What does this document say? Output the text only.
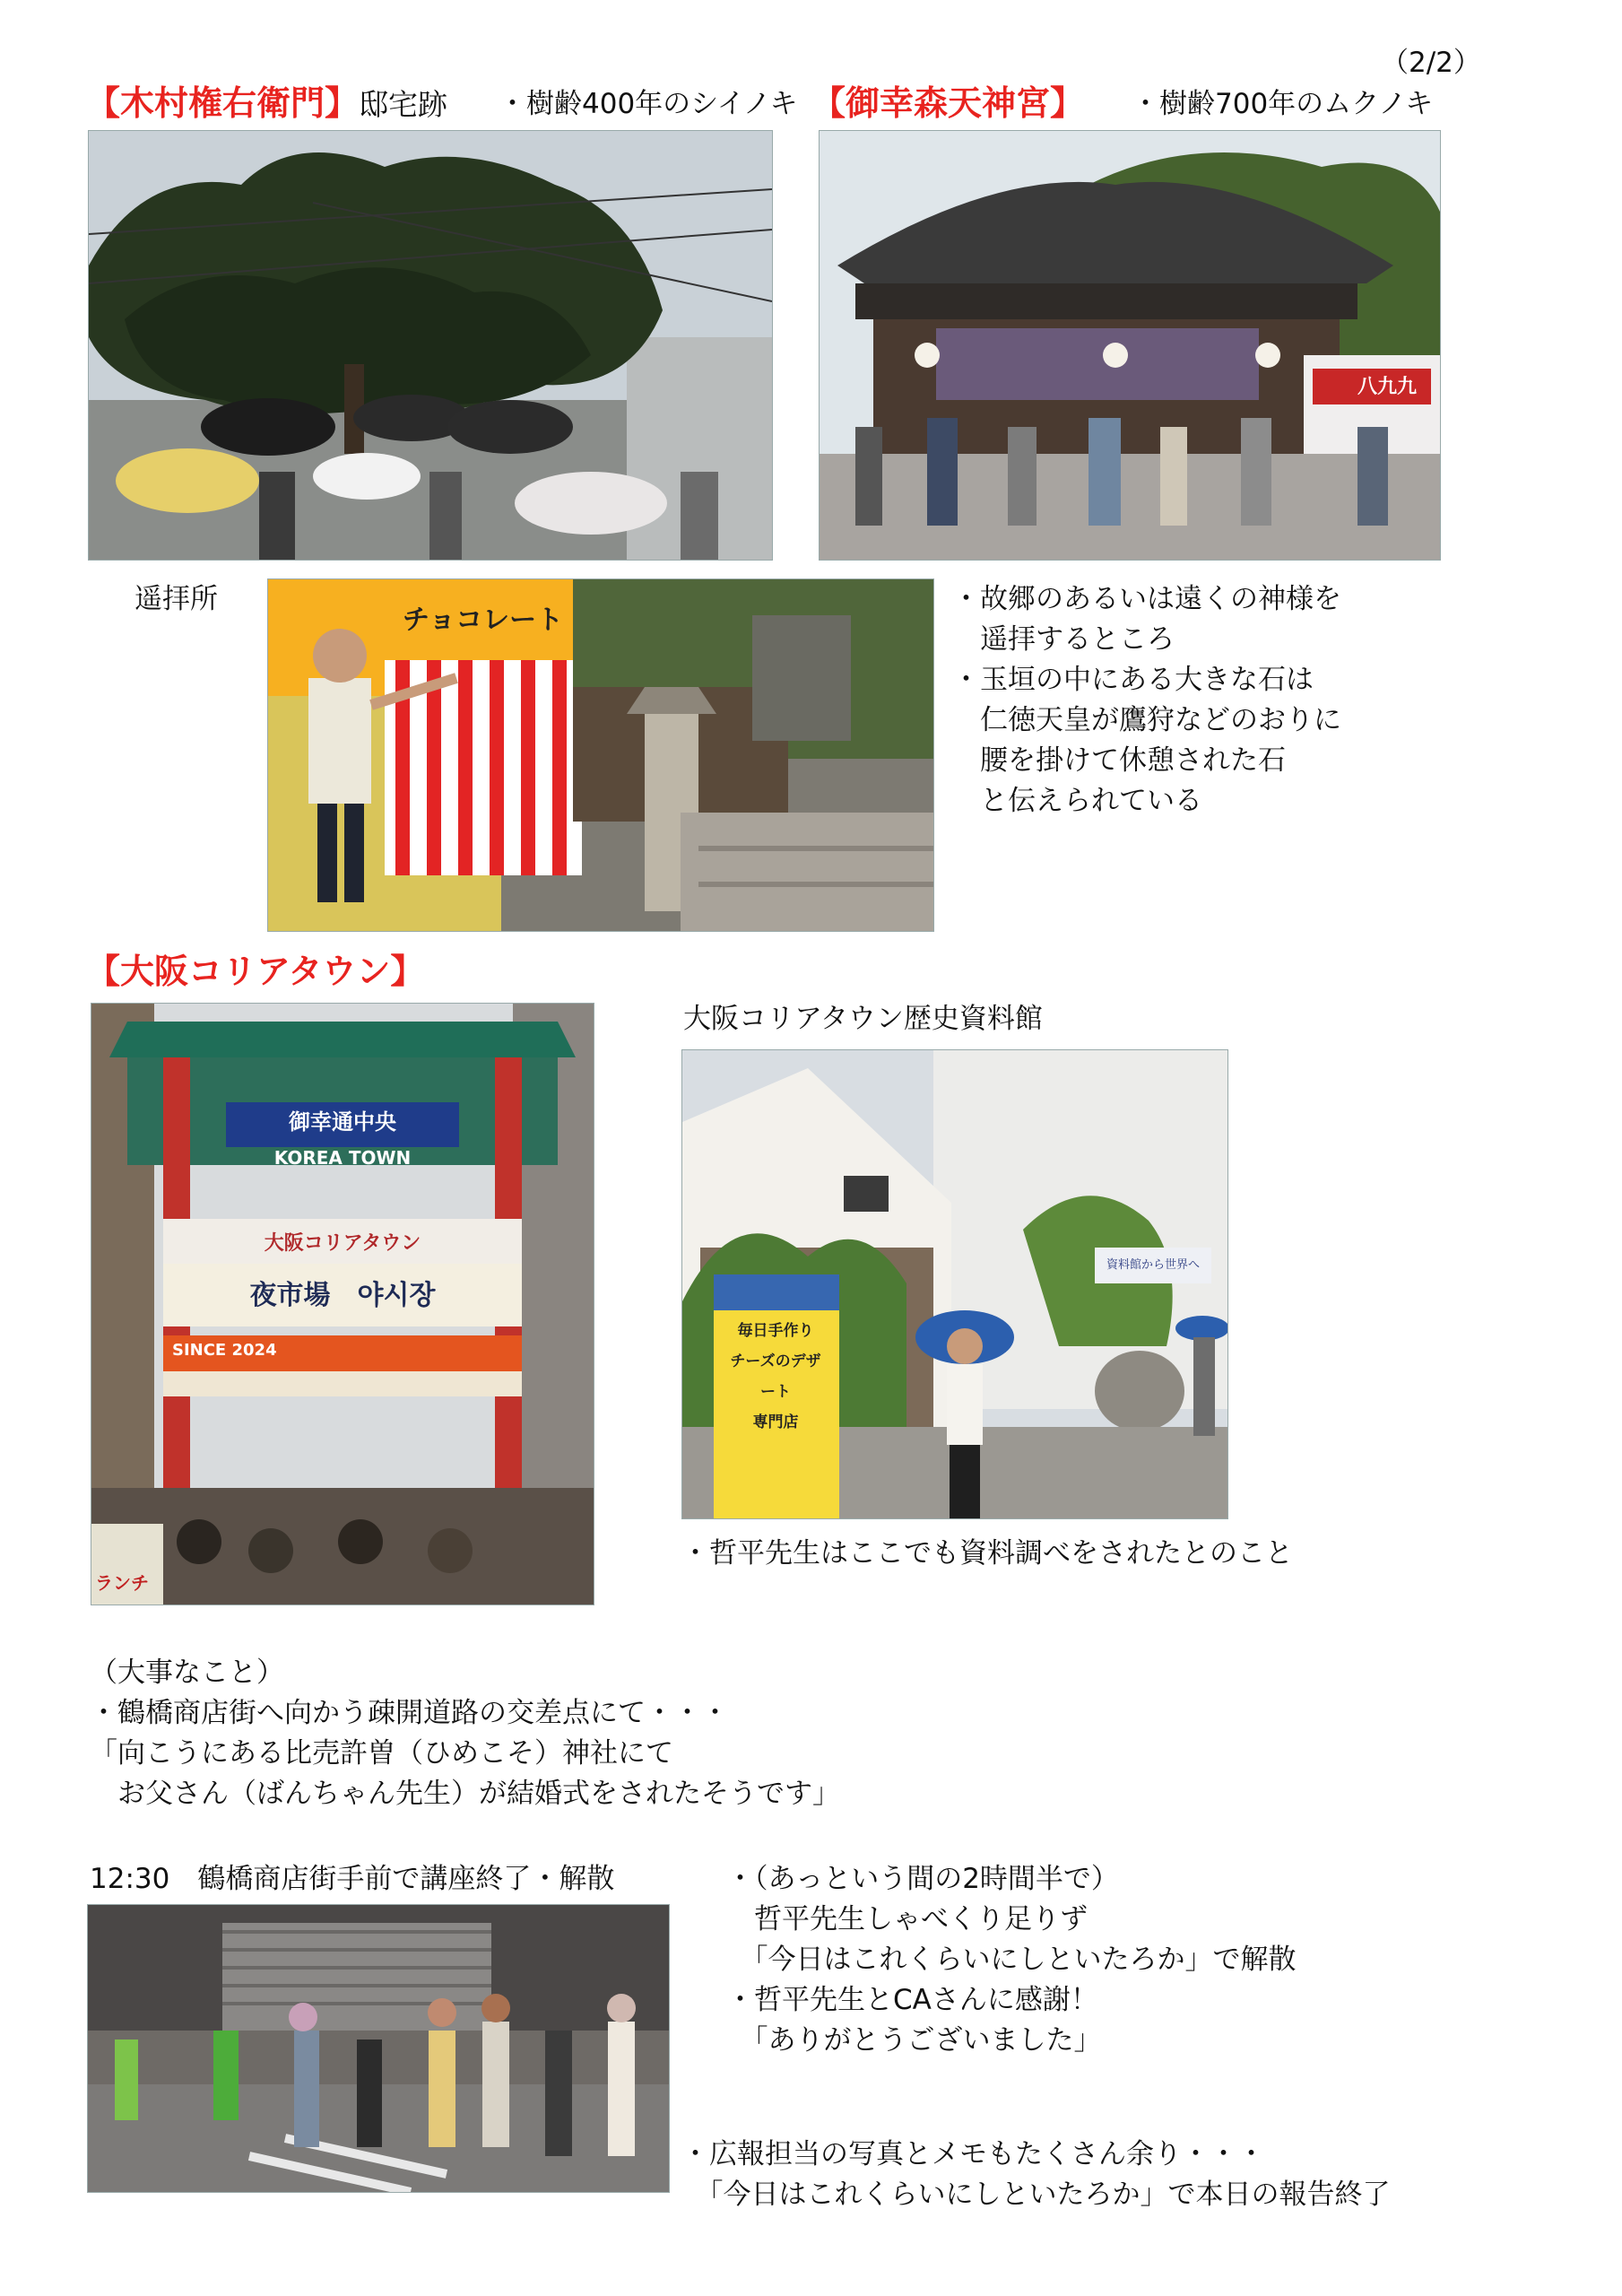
（2/2）
【木村権右衛門】邸宅跡 ・樹齢400年のシイノキ 【御幸森天神宮】 ・樹齢700年のムクノキ
八九九
遥拝所
チョコレート
・故郷のあるいは遠くの神様を
　遥拝するところ
・玉垣の中にある大きな石は
　仁徳天皇が鷹狩などのおりに
　腰を掛けて休憩された石
　と伝えられている
【大阪コリアタウン】
御幸通中央
KOREA TOWN
大阪コリアタウン
夜市場　야시장
SINCE 2024
ランチ
大阪コリアタウン歴史資料館
毎日手作り
チーズのデザート
専門店
資料館から世界へ
・哲平先生はここでも資料調べをされたとのこと
（大事なこと）
・鶴橋商店街へ向かう疎開道路の交差点にて・・・
「向こうにある比売許曽（ひめこそ）神社にて
　お父さん（ばんちゃん先生）が結婚式をされたそうです」
12:30　鶴橋商店街手前で講座終了・解散	・（あっという間の2時間半で）
　哲平先生しゃべくり足りず
　「今日はこれくらいにしといたろか」で解散
・哲平先生とCAさんに感謝！
　「ありがとうございました」
・広報担当の写真とメモもたくさん余り・・・
　「今日はこれくらいにしといたろか」で本日の報告終了
